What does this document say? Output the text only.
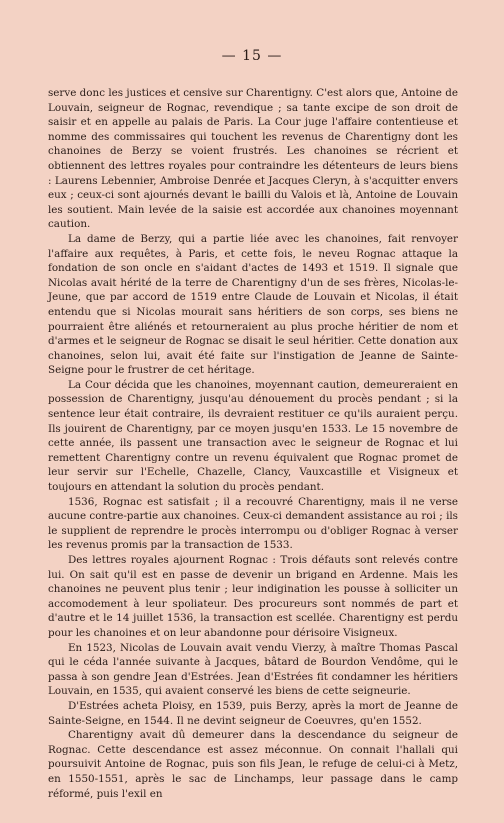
— 15 —

serve donc les justices et censive sur Charentigny. C'est alors que, Antoine de Louvain, seigneur de Rognac, revendique ; sa tante excipe de son droit de saisir et en appelle au palais de Paris. La Cour juge l'affaire contentieuse et nomme des commissaires qui touchent les revenus de Charentigny dont les chanoines de Berzy se voient frustrés. Les chanoines se récrient et obtiennent des lettres royales pour contraindre les détenteurs de leurs biens : Laurens Lebennier, Ambroise Denrée et Jacques Cleryn, à s'acquitter envers eux ; ceux-ci sont ajournés devant le bailli du Valois et là, Antoine de Louvain les soutient. Main levée de la saisie est accordée aux chanoines moyennant caution.

La dame de Berzy, qui a partie liée avec les chanoines, fait renvoyer l'affaire aux requêtes, à Paris, et cette fois, le neveu Rognac attaque la fondation de son oncle en s'aidant d'actes de 1493 et 1519. Il signale que Nicolas avait hérité de la terre de Charentigny d'un de ses frères, Nicolas-le-Jeune, que par accord de 1519 entre Claude de Louvain et Nicolas, il était entendu que si Nicolas mourait sans héritiers de son corps, ses biens ne pourraient être aliénés et retourneraient au plus proche héritier de nom et d'armes et le seigneur de Rognac se disait le seul héritier. Cette donation aux chanoines, selon lui, avait été faite sur l'instigation de Jeanne de Sainte-Seigne pour le frustrer de cet héritage.

La Cour décida que les chanoines, moyennant caution, demeureraient en possession de Charentigny, jusqu'au dénouement du procès pendant ; si la sentence leur était contraire, ils devraient restituer ce qu'ils auraient perçu. Ils jouirent de Charentigny, par ce moyen jusqu'en 1533. Le 15 novembre de cette année, ils passent une transaction avec le seigneur de Rognac et lui remettent Charentigny contre un revenu équivalent que Rognac promet de leur servir sur l'Echelle, Chazelle, Clancy, Vauxcastille et Visigneux et toujours en attendant la solution du procès pendant.

1536, Rognac est satisfait ; il a recouvré Charentigny, mais il ne verse aucune contre-partie aux chanoines. Ceux-ci demandent assistance au roi ; ils le supplient de reprendre le procès interrompu ou d'obliger Rognac à verser les revenus promis par la transaction de 1533.

Des lettres royales ajournent Rognac : Trois défauts sont relevés contre lui. On sait qu'il est en passe de devenir un brigand en Ardenne. Mais les chanoines ne peuvent plus tenir ; leur indigination les pousse à solliciter un accomodement à leur spoliateur. Des procureurs sont nommés de part et d'autre et le 14 juillet 1536, la transaction est scellée. Charentigny est perdu pour les chanoines et on leur abandonne pour dérisoire Visigneux.

En 1523, Nicolas de Louvain avait vendu Vierzy, à maître Thomas Pascal qui le céda l'année suivante à Jacques, bâtard de Bourdon Vendôme, qui le passa à son gendre Jean d'Estrées. Jean d'Estrées fit condamner les héritiers Louvain, en 1535, qui avaient conservé les biens de cette seigneurie.

D'Estrées acheta Ploisy, en 1539, puis Berzy, après la mort de Jeanne de Sainte-Seigne, en 1544. Il ne devint seigneur de Coeuvres, qu'en 1552.

Charentigny avait dû demeurer dans la descendance du seigneur de Rognac. Cette descendance est assez méconnue. On connait l'hallali qui poursuivit Antoine de Rognac, puis son fils Jean, le refuge de celui-ci à Metz, en 1550-1551, après le sac de Linchamps, leur passage dans le camp réformé, puis l'exil en
